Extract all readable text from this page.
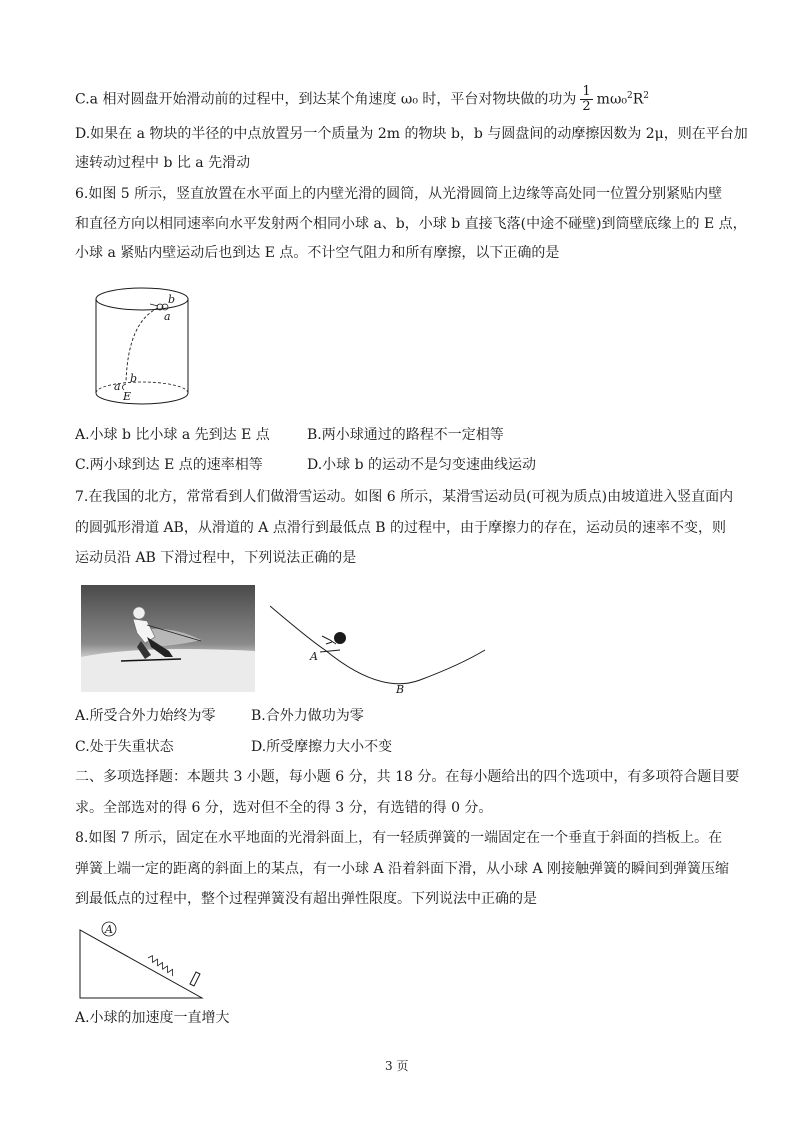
C.a 相对圆盘开始滑动前的过程中，到达某个角速度 ω₀ 时，平台对物块做的功为 $\frac{1}{2} m\omega_0^2R^2$
D.如果在 a 物块的半径的中点放置另一个质量为 2m 的物块 b，b 与圆盘间的动摩擦因数为 2μ，则在平台加
速转动过程中 b 比 a 先滑动
6.如图 5 所示，竖直放置在水平面上的内壁光滑的圆筒，从光滑圆筒上边缘等高处同一位置分别紧贴内壁
和直径方向以相同速率向水平发射两个相同小球 a、b，小球 b 直接飞落(中途不碰壁)到筒壁底缘上的 E 点，
小球 a 紧贴内壁运动后也到达 E 点。不计空气阻力和所有摩擦，以下正确的是
b
a
a
b
E
A.小球 b 比小球 a 先到达 E 点	B.两小球通过的路程不一定相等
C.两小球到达 E 点的速率相等	D.小球 b 的运动不是匀变速曲线运动
7.在我国的北方，常常看到人们做滑雪运动。如图 6 所示，某滑雪运动员(可视为质点)由坡道进入竖直面内
的圆弧形滑道 AB，从滑道的 A 点滑行到最低点 B 的过程中，由于摩擦力的存在，运动员的速率不变，则
运动员沿 AB 下滑过程中，下列说法正确的是
A
B
A.所受合外力始终为零	B.合外力做功为零
C.处于失重状态	D.所受摩擦力大小不变
二、多项选择题：本题共 3 小题，每小题 6 分，共 18 分。在每小题给出的四个选项中，有多项符合题目要
求。全部选对的得 6 分，选对但不全的得 3 分，有选错的得 0 分。
8.如图 7 所示，固定在水平地面的光滑斜面上，有一轻质弹簧的一端固定在一个垂直于斜面的挡板上。在
弹簧上端一定的距离的斜面上的某点，有一小球 A 沿着斜面下滑，从小球 A 刚接触弹簧的瞬间到弹簧压缩
到最低点的过程中，整个过程弹簧没有超出弹性限度。下列说法中正确的是
A
A.小球的加速度一直增大
3 页
